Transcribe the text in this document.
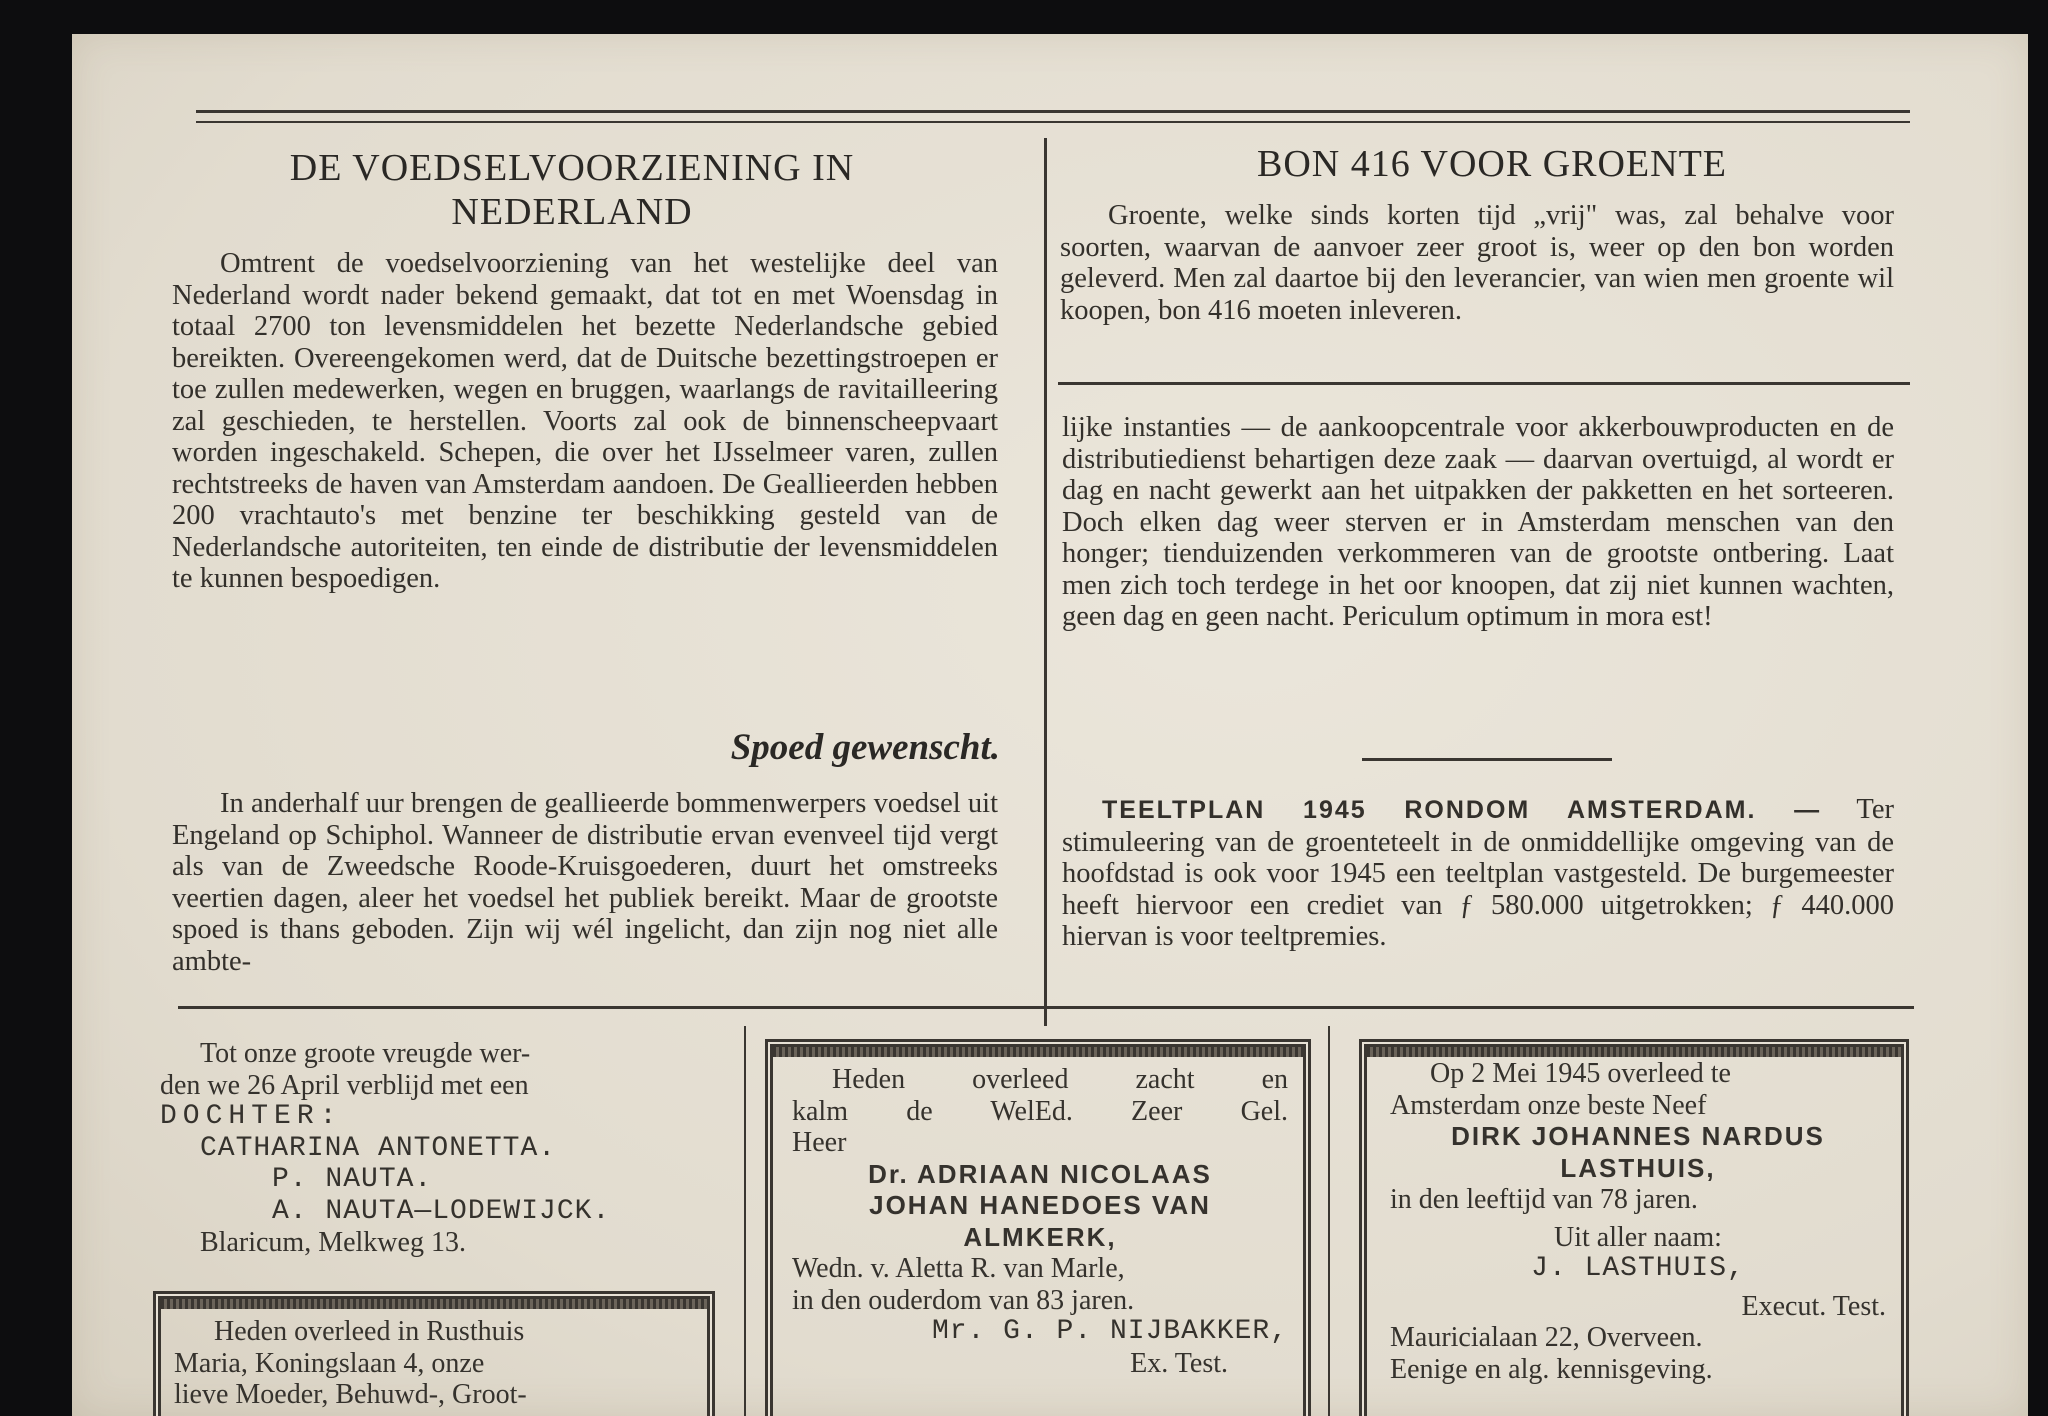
DE VOEDSELVOORZIENING IN
NEDERLAND

Omtrent de voedselvoorziening van het westelijke deel van Nederland wordt nader bekend gemaakt, dat tot en met Woensdag in totaal 2700 ton levensmiddelen het bezette Nederlandsche gebied bereikten. Overeengekomen werd, dat de Duitsche bezettingstroepen er toe zullen medewerken, wegen en bruggen, waarlangs de ravitailleering zal geschieden, te herstellen. Voorts zal ook de binnenscheepvaart worden ingeschakeld. Schepen, die over het IJsselmeer varen, zullen rechtstreeks de haven van Amsterdam aandoen. De Geallieerden hebben 200 vrachtauto's met benzine ter beschikking gesteld van de Nederlandsche autoriteiten, ten einde de distributie der levensmiddelen te kunnen bespoedigen.

Spoed gewenscht.

In anderhalf uur brengen de geallieerde bommenwerpers voedsel uit Engeland op Schiphol. Wanneer de distributie ervan evenveel tijd vergt als van de Zweedsche Roode-Kruisgoederen, duurt het omstreeks veertien dagen, aleer het voedsel het publiek bereikt. Maar de grootste spoed is thans geboden. Zijn wij wél ingelicht, dan zijn nog niet alle ambte-

BON 416 VOOR GROENTE

Groente, welke sinds korten tijd „vrij" was, zal behalve voor soorten, waarvan de aanvoer zeer groot is, weer op den bon worden geleverd. Men zal daartoe bij den leverancier, van wien men groente wil koopen, bon 416 moeten inleveren.

lijke instanties — de aankoopcentrale voor akkerbouwproducten en de distributiedienst behartigen deze zaak — daarvan overtuigd, al wordt er dag en nacht gewerkt aan het uitpakken der pakketten en het sorteeren. Doch elken dag weer sterven er in Amsterdam menschen van den honger; tienduizenden verkommeren van de grootste ontbering. Laat men zich toch terdege in het oor knoopen, dat zij niet kunnen wachten, geen dag en geen nacht. Periculum optimum in mora est!

TEELTPLAN 1945 RONDOM AMSTERDAM. — Ter stimuleering van de groenteteelt in de onmiddellijke omgeving van de hoofdstad is ook voor 1945 een teeltplan vastgesteld. De burgemeester heeft hiervoor een crediet van ƒ 580.000 uitgetrokken; ƒ 440.000 hiervan is voor teeltpremies.

Tot onze groote vreugde wer-
den we 26 April verblijd met een
DOCHTER:
CATHARINA ANTONETTA.
P. NAUTA.
A. NAUTA—LODEWIJCK.
Blaricum, Melkweg 13.
Heden overleed in Rusthuis
Maria, Koningslaan 4, onze
lieve Moeder, Behuwd-, Groot-
Heden overleed zacht en
kalm de WelEd. Zeer Gel.
Heer
Dr. ADRIAAN NICOLAAS
JOHAN HANEDOES VAN
ALMKERK,
Wedn. v. Aletta R. van Marle,
in den ouderdom van 83 jaren.
Mr. G. P. NIJBAKKER,
Ex. Test.
Op 2 Mei 1945 overleed te
Amsterdam onze beste Neef
DIRK JOHANNES NARDUS
LASTHUIS,
in den leeftijd van 78 jaren.
Uit aller naam:
J. LASTHUIS,
Execut. Test.
Mauricialaan 22, Overveen.
Eenige en alg. kennisgeving.
